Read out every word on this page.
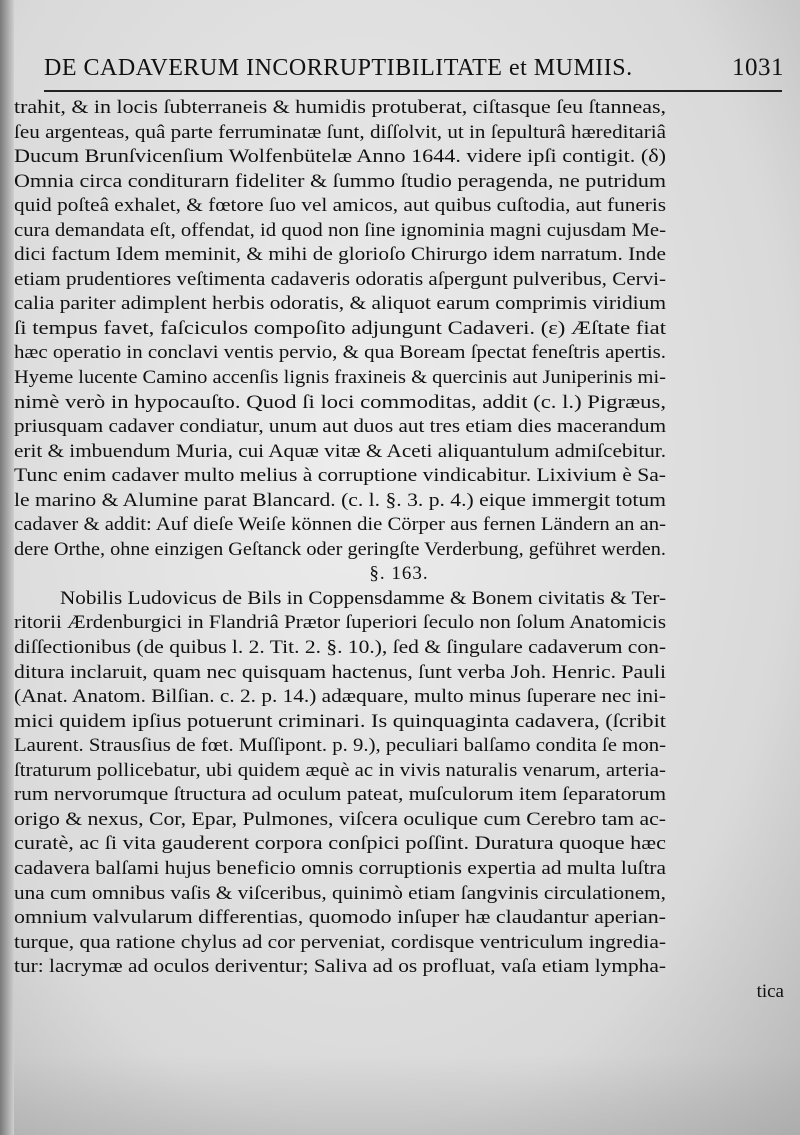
DE CADAVERUM INCORRUPTIBILITATE et MUMIIS.	1031
trahit, & in locis ſubterraneis & humidis protuberat, ciſtasque ſeu ſtanneas,
ſeu argenteas, quâ parte ferruminatæ ſunt, diſſolvit, ut in ſepulturâ hæreditariâ
Ducum Brunſvicenſium Wolfenbütelæ Anno 1644. videre ipſi contigit. (δ)
Omnia circa conditurarn fideliter & ſummo ſtudio peragenda, ne putridum
quid poſteâ exhalet, & fœtore ſuo vel amicos, aut quibus cuſtodia, aut funeris
cura demandata eſt, offendat, id quod non ſine ignominia magni cujusdam Me-
dici factum Idem meminit, & mihi de glorioſo Chirurgo idem narratum. Inde
etiam prudentiores veſtimenta cadaveris odoratis aſpergunt pulveribus, Cervi-
calia pariter adimplent herbis odoratis, & aliquot earum comprimis viridium
ſi tempus favet, faſciculos compoſito adjungunt Cadaveri. (ε) Æſtate fiat
hæc operatio in conclavi ventis pervio, & qua Boream ſpectat feneſtris apertis.
Hyeme lucente Camino accenſis lignis fraxineis & quercinis aut Juniperinis mi-
nimè verò in hypocauſto. Quod ſi loci commoditas, addit (c. l.) Pigræus,
priusquam cadaver condiatur, unum aut duos aut tres etiam dies macerandum
erit & imbuendum Muria, cui Aquæ vitæ & Aceti aliquantulum admiſcebitur.
Tunc enim cadaver multo melius à corruptione vindicabitur. Lixivium è Sa-
le marino & Alumine parat Blancard. (c. l. §. 3. p. 4.) eique immergit totum
cadaver & addit: Auf dieſe Weiſe können die Cörper aus fernen Ländern an an-
dere Orthe, ohne einzigen Geſtanck oder geringſte Verderbung, geführet werden.
§. 163.
Nobilis Ludovicus de Bils in Coppensdamme & Bonem civitatis & Ter-
ritorii Ærdenburgici in Flandriâ Prætor ſuperiori ſeculo non ſolum Anatomicis
diſſectionibus (de quibus l. 2. Tit. 2. §. 10.), ſed & ſingulare cadaverum con-
ditura inclaruit, quam nec quisquam hactenus, ſunt verba Joh. Henric. Pauli
(Anat. Anatom. Bilſian. c. 2. p. 14.) adæquare, multo minus ſuperare nec ini-
mici quidem ipſius potuerunt criminari. Is quinquaginta cadavera, (ſcribit
Laurent. Strausſius de fœt. Muſſipont. p. 9.), peculiari balſamo condita ſe mon-
ſtraturum pollicebatur, ubi quidem æquè ac in vivis naturalis venarum, arteria-
rum nervorumque ſtructura ad oculum pateat, muſculorum item ſeparatorum
origo & nexus, Cor, Epar, Pulmones, viſcera oculique cum Cerebro tam ac-
curatè, ac ſi vita gauderent corpora conſpici poſſint. Duratura quoque hæc
cadavera balſami hujus beneficio omnis corruptionis expertia ad multa luſtra
una cum omnibus vaſis & viſceribus, quinimò etiam ſangvinis circulationem,
omnium valvularum differentias, quomodo inſuper hæ claudantur aperian-
turque, qua ratione chylus ad cor perveniat, cordisque ventriculum ingredia-
tur: lacrymæ ad oculos deriventur; Saliva ad os profluat, vaſa etiam lympha-
tica
